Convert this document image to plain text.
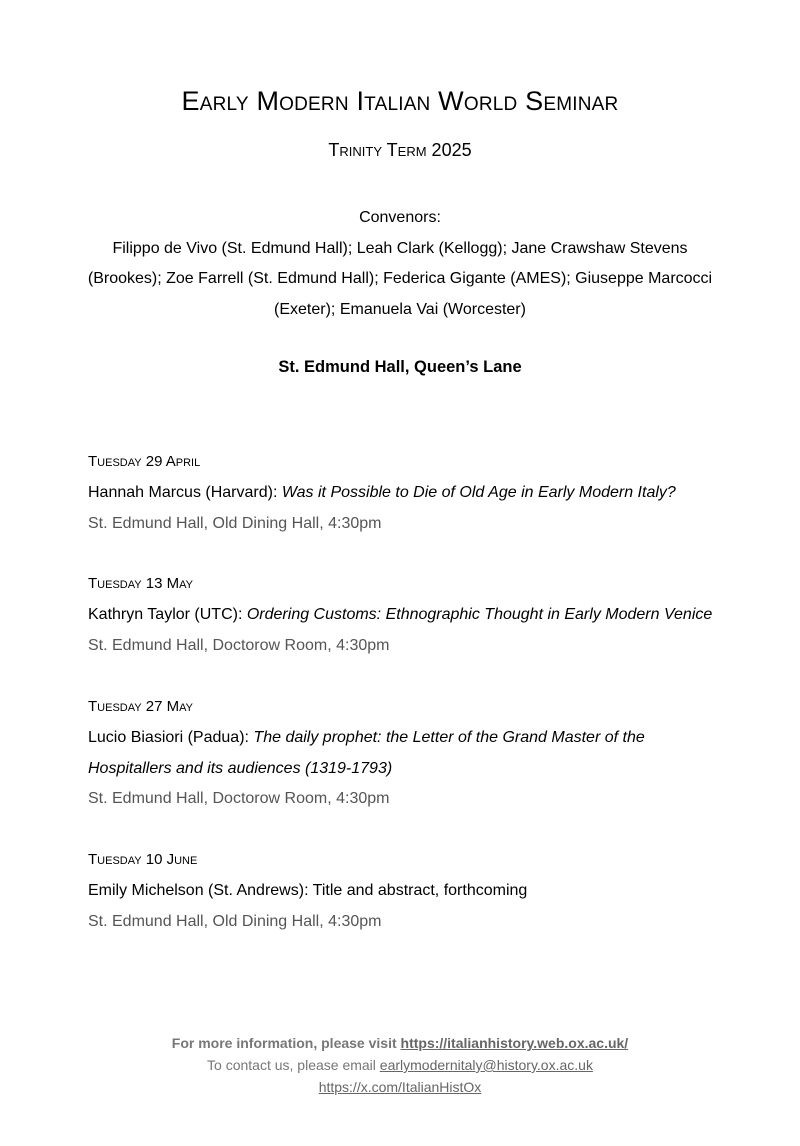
Early Modern Italian World Seminar
Trinity Term 2025
Convenors:
Filippo de Vivo (St. Edmund Hall); Leah Clark (Kellogg); Jane Crawshaw Stevens (Brookes); Zoe Farrell (St. Edmund Hall); Federica Gigante (AMES); Giuseppe Marcocci (Exeter); Emanuela Vai (Worcester)
St. Edmund Hall, Queen’s Lane
Tuesday 29 April
Hannah Marcus (Harvard): Was it Possible to Die of Old Age in Early Modern Italy?
St. Edmund Hall, Old Dining Hall, 4:30pm
Tuesday 13 May
Kathryn Taylor (UTC): Ordering Customs: Ethnographic Thought in Early Modern Venice
St. Edmund Hall, Doctorow Room, 4:30pm
Tuesday 27 May
Lucio Biasiori (Padua): The daily prophet: the Letter of the Grand Master of the Hospitallers and its audiences (1319-1793)
St. Edmund Hall, Doctorow Room, 4:30pm
Tuesday 10 June
Emily Michelson (St. Andrews): Title and abstract, forthcoming
St. Edmund Hall, Old Dining Hall, 4:30pm
For more information, please visit https://italianhistory.web.ox.ac.uk/
To contact us, please email earlymodernitaly@history.ox.ac.uk
https://x.com/ItalianHistOx
